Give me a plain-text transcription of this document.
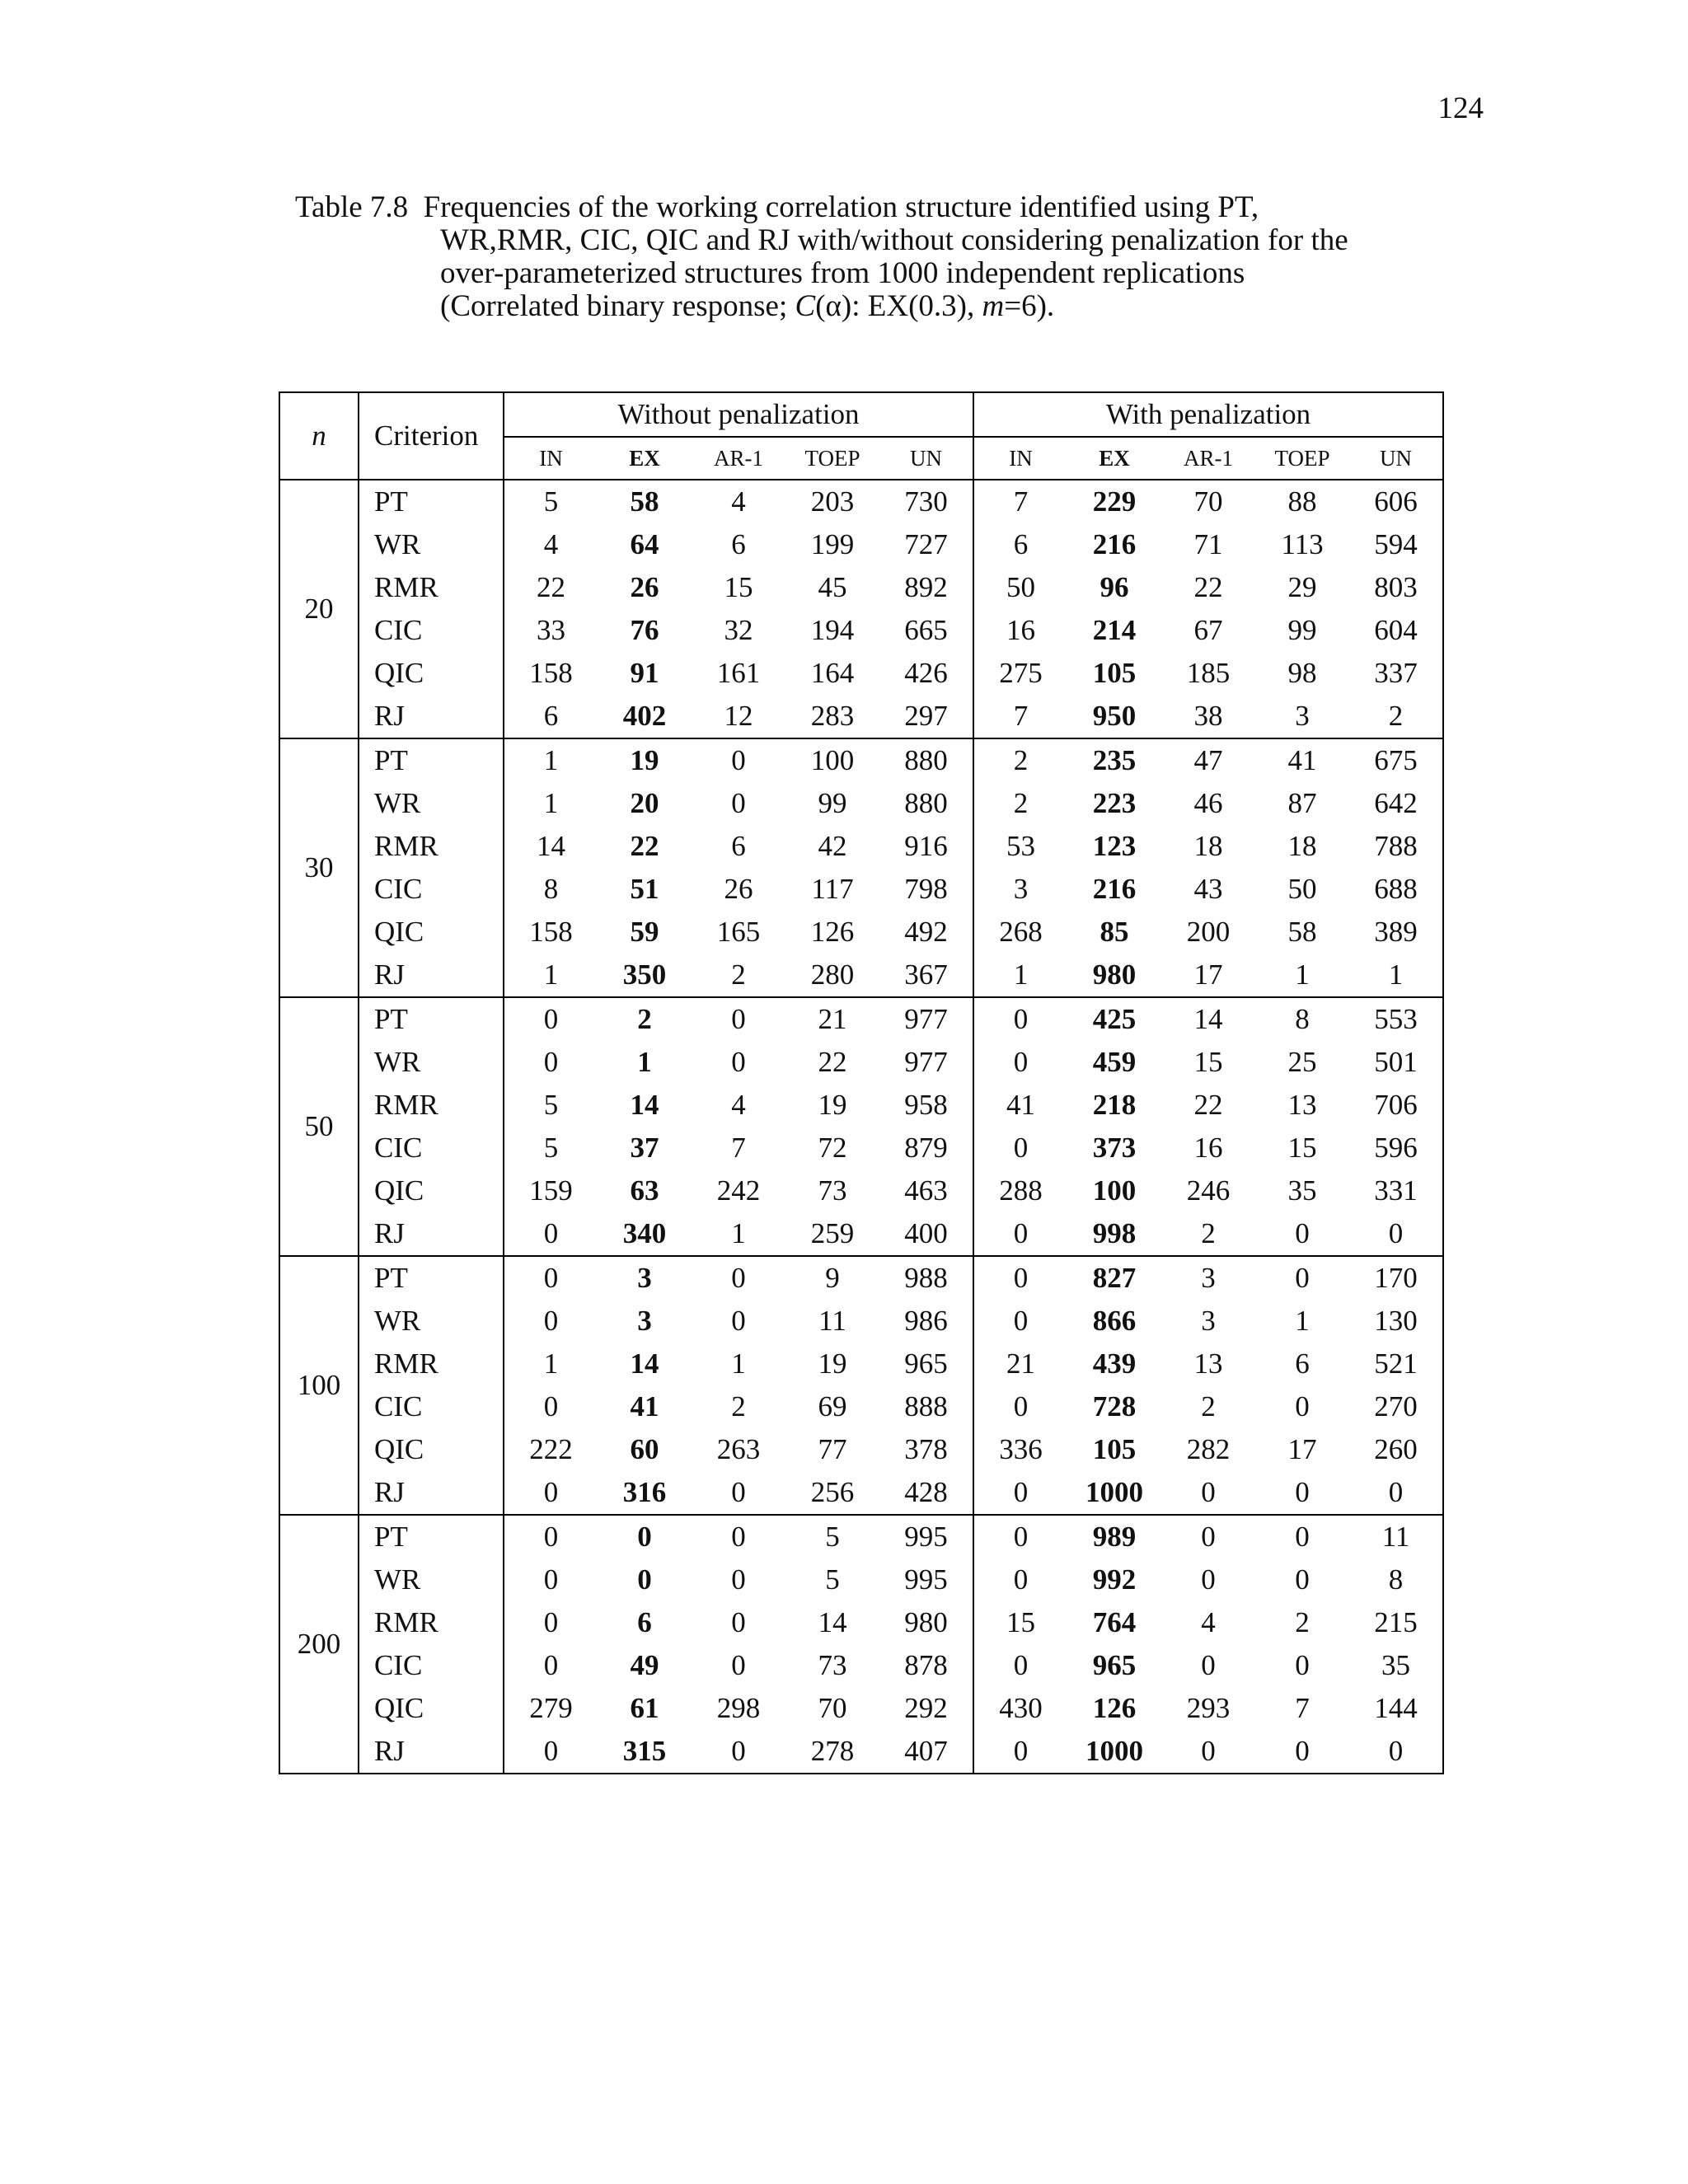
124
Table 7.8 Frequencies of the working correlation structure identified using PT,
WR,RMR, CIC, QIC and RJ with/without considering penalization for the
over-parameterized structures from 1000 independent replications
(Correlated binary response; C(α): EX(0.3), m=6).
n	Criterion	Without penalization					With penalization				
		IN	EX	AR-1	TOEP	UN	IN	EX	AR-1	TOEP	UN
20	PT	5	58	4	203	730	7	229	70	88	606
	WR	4	64	6	199	727	6	216	71	113	594
	RMR	22	26	15	45	892	50	96	22	29	803
	CIC	33	76	32	194	665	16	214	67	99	604
	QIC	158	91	161	164	426	275	105	185	98	337
	RJ	6	402	12	283	297	7	950	38	3	2
30	PT	1	19	0	100	880	2	235	47	41	675
	WR	1	20	0	99	880	2	223	46	87	642
	RMR	14	22	6	42	916	53	123	18	18	788
	CIC	8	51	26	117	798	3	216	43	50	688
	QIC	158	59	165	126	492	268	85	200	58	389
	RJ	1	350	2	280	367	1	980	17	1	1
50	PT	0	2	0	21	977	0	425	14	8	553
	WR	0	1	0	22	977	0	459	15	25	501
	RMR	5	14	4	19	958	41	218	22	13	706
	CIC	5	37	7	72	879	0	373	16	15	596
	QIC	159	63	242	73	463	288	100	246	35	331
	RJ	0	340	1	259	400	0	998	2	0	0
100	PT	0	3	0	9	988	0	827	3	0	170
	WR	0	3	0	11	986	0	866	3	1	130
	RMR	1	14	1	19	965	21	439	13	6	521
	CIC	0	41	2	69	888	0	728	2	0	270
	QIC	222	60	263	77	378	336	105	282	17	260
	RJ	0	316	0	256	428	0	1000	0	0	0
200	PT	0	0	0	5	995	0	989	0	0	11
	WR	0	0	0	5	995	0	992	0	0	8
	RMR	0	6	0	14	980	15	764	4	2	215
	CIC	0	49	0	73	878	0	965	0	0	35
	QIC	279	61	298	70	292	430	126	293	7	144
	RJ	0	315	0	278	407	0	1000	0	0	0
